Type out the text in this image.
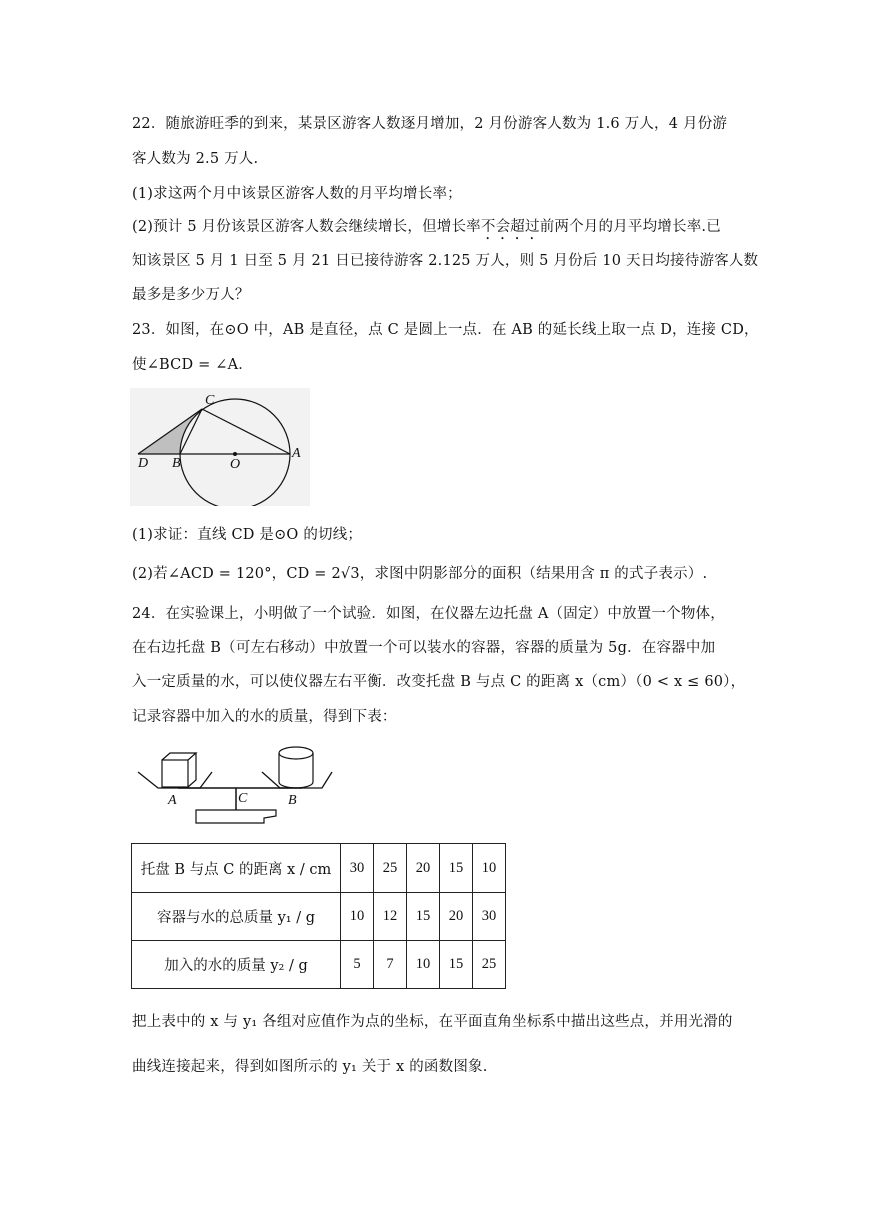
22．随旅游旺季的到来，某景区游客人数逐月增加，2 月份游客人数为 1.6 万人，4 月份游
客人数为 2.5 万人.
(1)求这两个月中该景区游客人数的月平均增长率；
(2)预计 5 月份该景区游客人数会继续增长，但增长率不会超过前两个月的月平均增长率.已
知该景区 5 月 1 日至 5 月 21 日已接待游客 2.125 万人，则 5 月份后 10 天日均接待游客人数
最多是多少万人？
23．如图，在⊙O 中，AB 是直径，点 C 是圆上一点．在 AB 的延长线上取一点 D，连接 CD，
使∠BCD = ∠A．
C
D B	O
A
(1)求证：直线 CD 是⊙O 的切线；
(2)若∠ACD = 120°，CD = 2√3，求图中阴影部分的面积（结果用含 π 的式子表示）.
24．在实验课上，小明做了一个试验．如图，在仪器左边托盘 A（固定）中放置一个物体，
在右边托盘 B（可左右移动）中放置一个可以装水的容器，容器的质量为 5g．在容器中加
入一定质量的水，可以使仪器左右平衡．改变托盘 B 与点 C 的距离 x（cm）（0 < x ≤ 60），
记录容器中加入的水的质量，得到下表：
A	C	B
托盘 B 与点 C 的距离 x / cm	30	25	20	15	10
容器与水的总质量 y₁ / g	10	12	15	20	30
加入的水的质量 y₂ / g	5	7	10	15	25
把上表中的 x 与 y₁ 各组对应值作为点的坐标，在平面直角坐标系中描出这些点，并用光滑的
曲线连接起来，得到如图所示的 y₁ 关于 x 的函数图象.
